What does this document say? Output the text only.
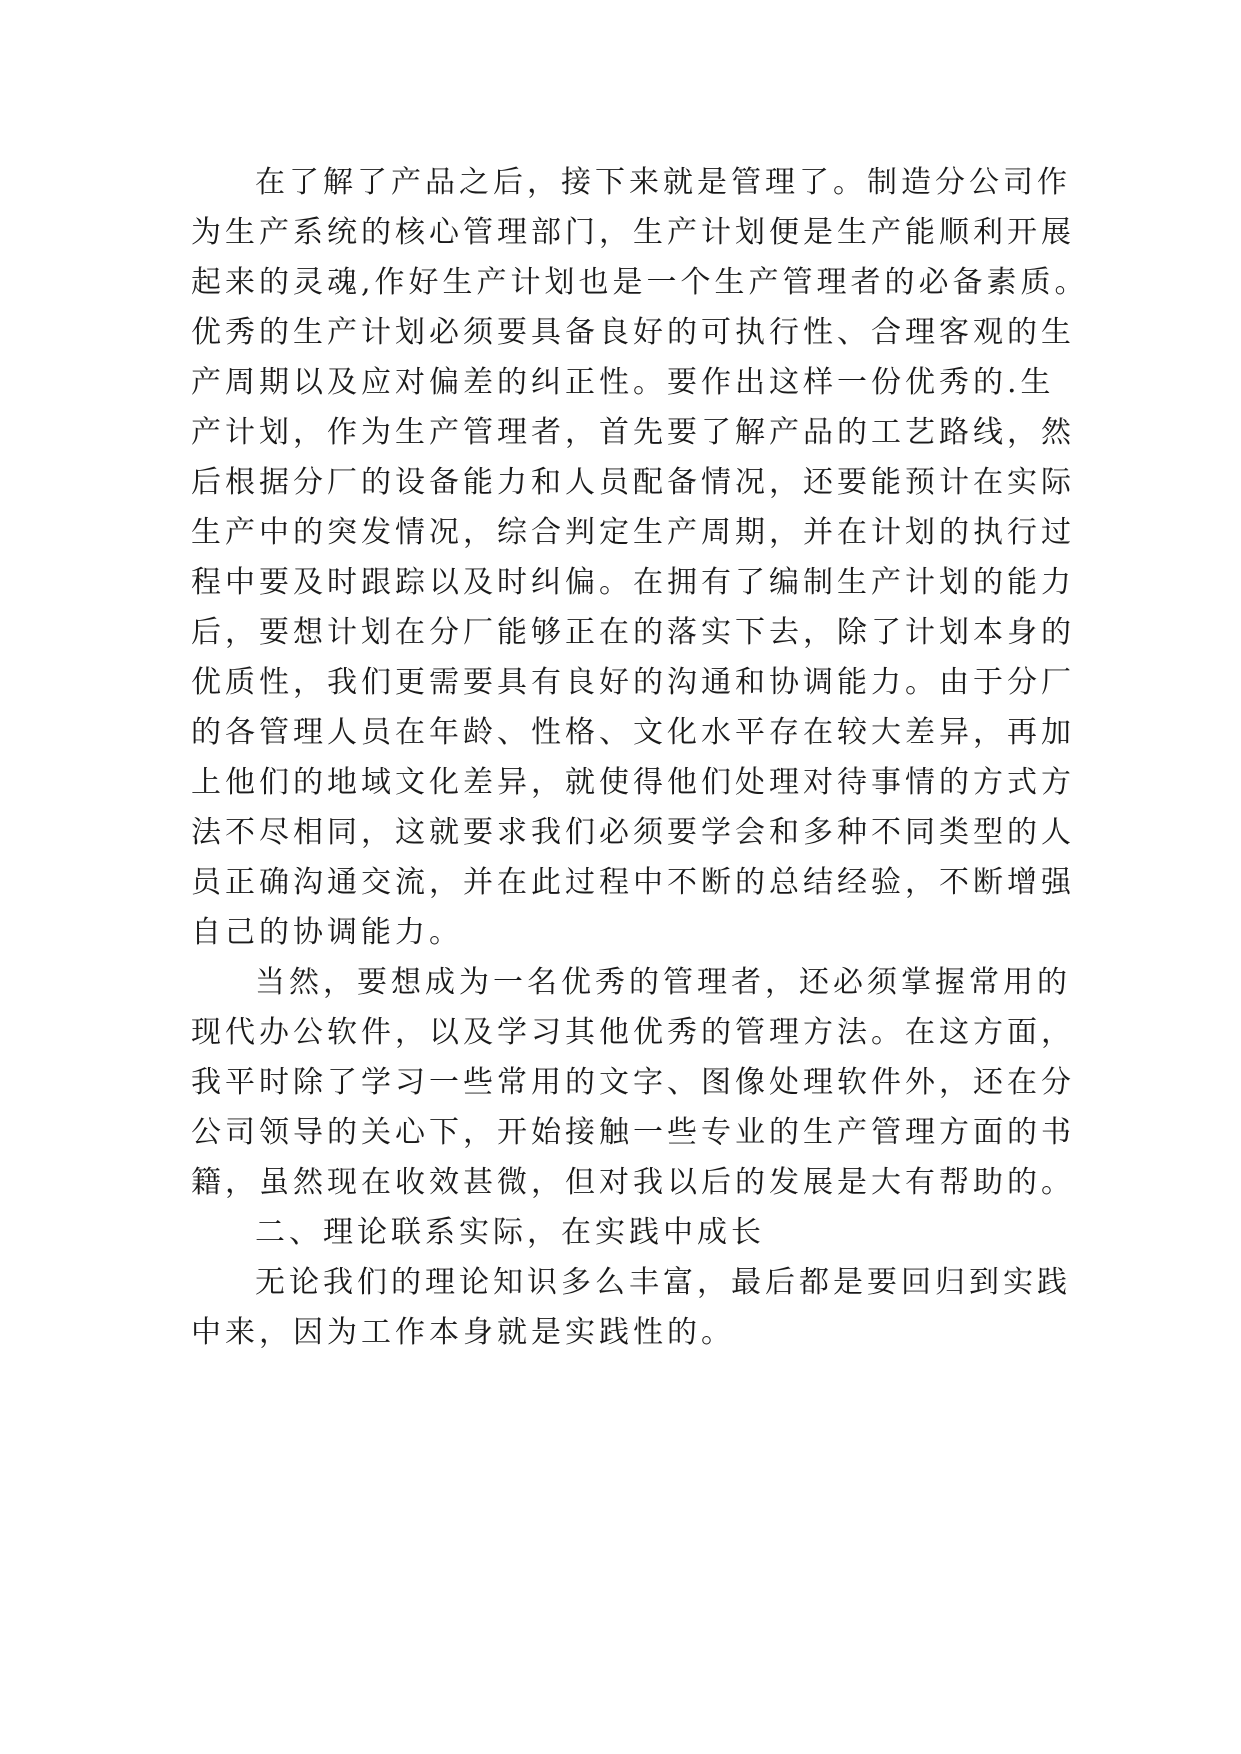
在了解了产品之后，接下来就是管理了。制造分公司作
为生产系统的核心管理部门，生产计划便是生产能顺利开展
起来的灵魂,作好生产计划也是一个生产管理者的必备素质。
优秀的生产计划必须要具备良好的可执行性、合理客观的生
产周期以及应对偏差的纠正性。要作出这样一份优秀的.生
产计划，作为生产管理者，首先要了解产品的工艺路线，然
后根据分厂的设备能力和人员配备情况，还要能预计在实际
生产中的突发情况，综合判定生产周期，并在计划的执行过
程中要及时跟踪以及时纠偏。在拥有了编制生产计划的能力
后，要想计划在分厂能够正在的落实下去，除了计划本身的
优质性，我们更需要具有良好的沟通和协调能力。由于分厂
的各管理人员在年龄、性格、文化水平存在较大差异，再加
上他们的地域文化差异，就使得他们处理对待事情的方式方
法不尽相同，这就要求我们必须要学会和多种不同类型的人
员正确沟通交流，并在此过程中不断的总结经验，不断增强
自己的协调能力。
当然，要想成为一名优秀的管理者，还必须掌握常用的
现代办公软件，以及学习其他优秀的管理方法。在这方面，
我平时除了学习一些常用的文字、图像处理软件外，还在分
公司领导的关心下，开始接触一些专业的生产管理方面的书
籍，虽然现在收效甚微，但对我以后的发展是大有帮助的。
二、理论联系实际，在实践中成长
无论我们的理论知识多么丰富，最后都是要回归到实践
中来，因为工作本身就是实践性的。
